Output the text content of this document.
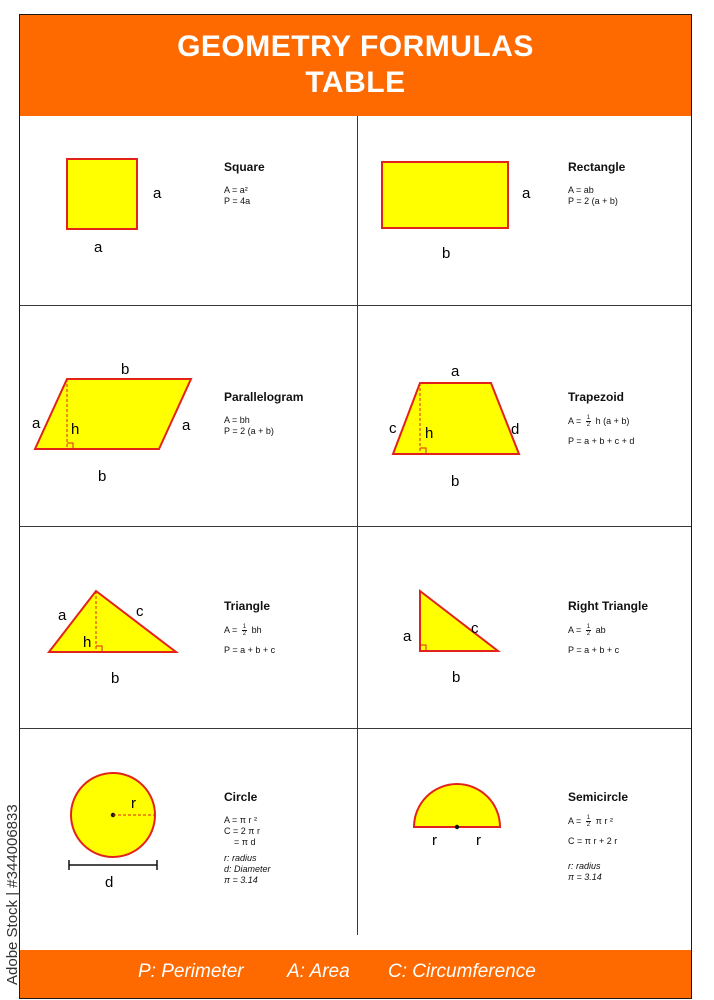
GEOMETRY FORMULAS
TABLE
a
a
Square
A = a²
P = 4a	a
b
Rectangle
A = ab
P = 2 (a + b)
b
a	a
b
h
Parallelogram
A = bh
P = 2 (a + b)
a
c	d
b
h
Trapezoid
$A = \frac{1}{2}$ h (a + b)
P = a + b + c + d
a	c
b
h
Triangle
$A = \frac{1}{2}$ bh
P = a + b + c
a	c
b
Right Triangle
$A = \frac{1}{2}$ ab
P = a + b + c
r
d
Circle
A = π r ²
C = 2 π r
= π d
r: radius
d: Diameter
π = 3.14
r	r
Semicircle
$A = \frac{1}{2}$ π r ²
C = π r + 2 r
r: radius
π = 3.14
P: Perimeter A: Area C: Circumference
Adobe Stock | #344006833
